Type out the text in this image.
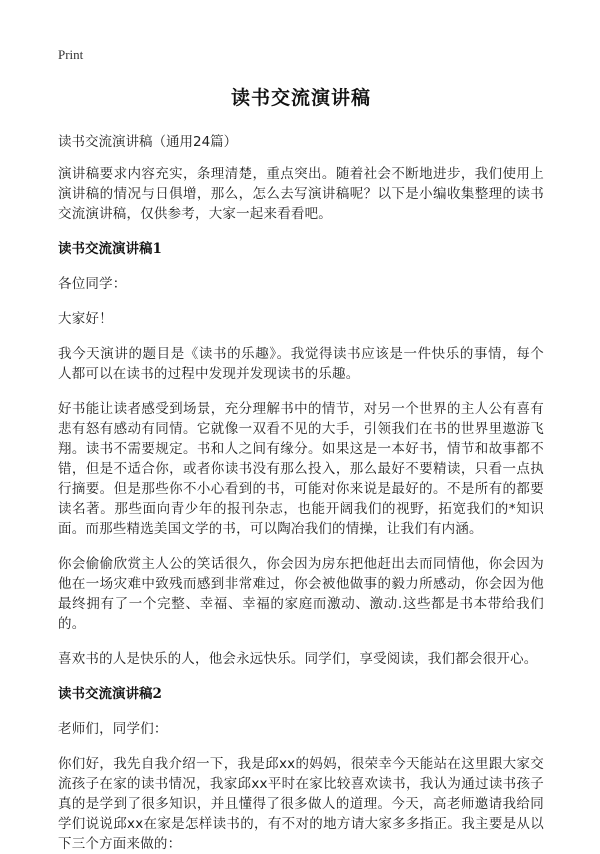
Print
读书交流演讲稿
读书交流演讲稿（通用24篇）

演讲稿要求内容充实，条理清楚，重点突出。随着社会不断地进步，我们使用上演讲稿的情况与日俱增，那么，怎么去写演讲稿呢？以下是小编收集整理的读书交流演讲稿，仅供参考，大家一起来看看吧。

读书交流演讲稿1

各位同学：

大家好！

我今天演讲的题目是《读书的乐趣》。我觉得读书应该是一件快乐的事情，每个人都可以在读书的过程中发现并发现读书的乐趣。

好书能让读者感受到场景，充分理解书中的情节，对另一个世界的主人公有喜有悲有怒有感动有同情。它就像一双看不见的大手，引领我们在书的世界里遨游飞翔。读书不需要规定。书和人之间有缘分。如果这是一本好书，情节和故事都不错，但是不适合你，或者你读书没有那么投入，那么最好不要精读，只看一点执行摘要。但是那些你不小心看到的书，可能对你来说是最好的。不是所有的都要读名著。那些面向青少年的报刊杂志，也能开阔我们的视野，拓宽我们的*知识面。而那些精选美国文学的书，可以陶冶我们的情操，让我们有内涵。

你会偷偷欣赏主人公的笑话很久，你会因为房东把他赶出去而同情他，你会因为他在一场灾难中致残而感到非常难过，你会被他做事的毅力所感动，你会因为他最终拥有了一个完整、幸福、幸福的家庭而激动、激动.这些都是书本带给我们的。

喜欢书的人是快乐的人，他会永远快乐。同学们，享受阅读，我们都会很开心。

读书交流演讲稿2

老师们，同学们：

你们好，我先自我介绍一下，我是邱xx的妈妈，很荣幸今天能站在这里跟大家交流孩子在家的读书情况，我家邱xx平时在家比较喜欢读书，我认为通过读书孩子真的是学到了很多知识，并且懂得了很多做人的道理。今天，高老师邀请我给同学们说说邱xx在家是怎样读书的，有不对的地方请大家多多指正。我主要是从以下三个方面来做的：
